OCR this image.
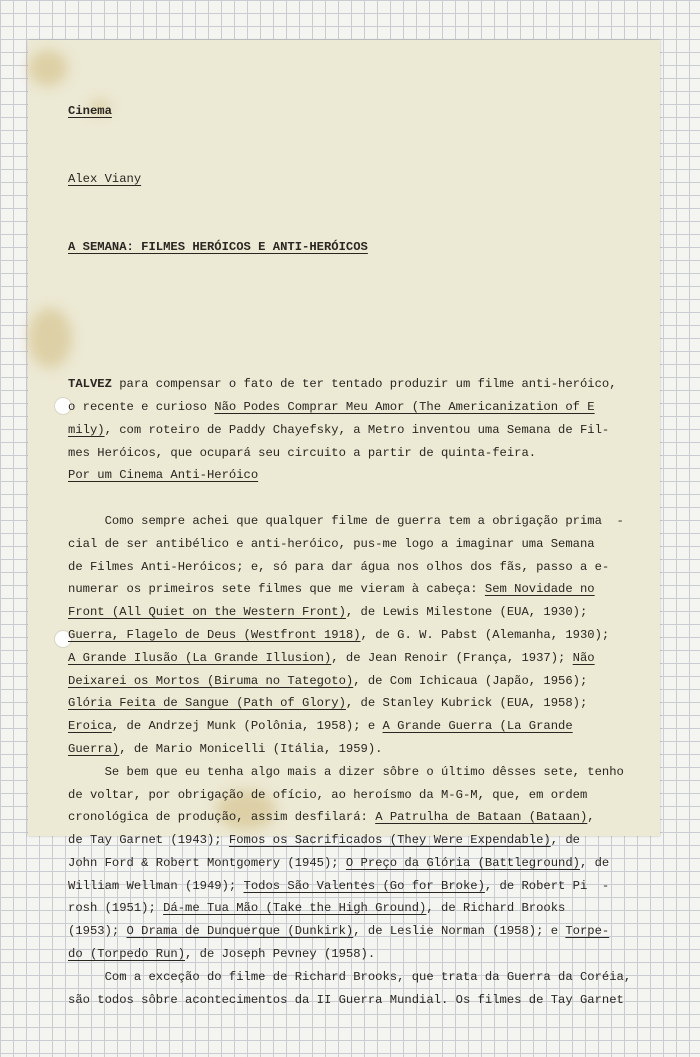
Cinema

Alex Viany

A SEMANA: FILMES HERÓICOS E ANTI-HERÓICOS

TALVEZ para compensar o fato de ter tentado produzir um filme anti-heróico,
o recente e curioso Não Podes Comprar Meu Amor (The Americanization of E
mily), com roteiro de Paddy Chayefsky, a Metro inventou uma Semana de Fil-
mes Heróicos, que ocupará seu circuito a partir de quinta-feira.
Por um Cinema Anti-Heróico
Como sempre achei que qualquer filme de guerra tem a obrigação prima  -
cial de ser antibélico e anti-heróico, pus-me logo a imaginar uma Semana
de Filmes Anti-Heróicos; e, só para dar água nos olhos dos fãs, passo a e-
numerar os primeiros sete filmes que me vieram à cabeça: Sem Novidade no
Front (All Quiet on the Western Front), de Lewis Milestone (EUA, 1930);
Guerra, Flagelo de Deus (Westfront 1918), de G. W. Pabst (Alemanha, 1930);
A Grande Ilusão (La Grande Illusion), de Jean Renoir (França, 1937); Não
Deixarei os Mortos (Biruma no Tategoto), de Com Ichicaua (Japão, 1956);
Glória Feita de Sangue (Path of Glory), de Stanley Kubrick (EUA, 1958);
Eroica, de Andrzej Munk (Polônia, 1958); e A Grande Guerra (La Grande
Guerra), de Mario Monicelli (Itália, 1959).
Se bem que eu tenha algo mais a dizer sôbre o último dêsses sete, tenho
de voltar, por obrigação de ofício, ao heroísmo da M-G-M, que, em ordem
cronológica de produção, assim desfilará: A Patrulha de Bataan (Bataan),
de Tay Garnet (1943); Fomos os Sacrificados (They Were Expendable), de
John Ford & Robert Montgomery (1945); O Preço da Glória (Battleground), de
William Wellman (1949); Todos São Valentes (Go for Broke), de Robert Pi  -
rosh (1951); Dá-me Tua Mão (Take the High Ground), de Richard Brooks
(1953); O Drama de Dunquerque (Dunkirk), de Leslie Norman (1958); e Torpe-
do (Torpedo Run), de Joseph Pevney (1958).
Com a exceção do filme de Richard Brooks, que trata da Guerra da Coréia,
são todos sôbre acontecimentos da II Guerra Mundial. Os filmes de Tay Garnet
